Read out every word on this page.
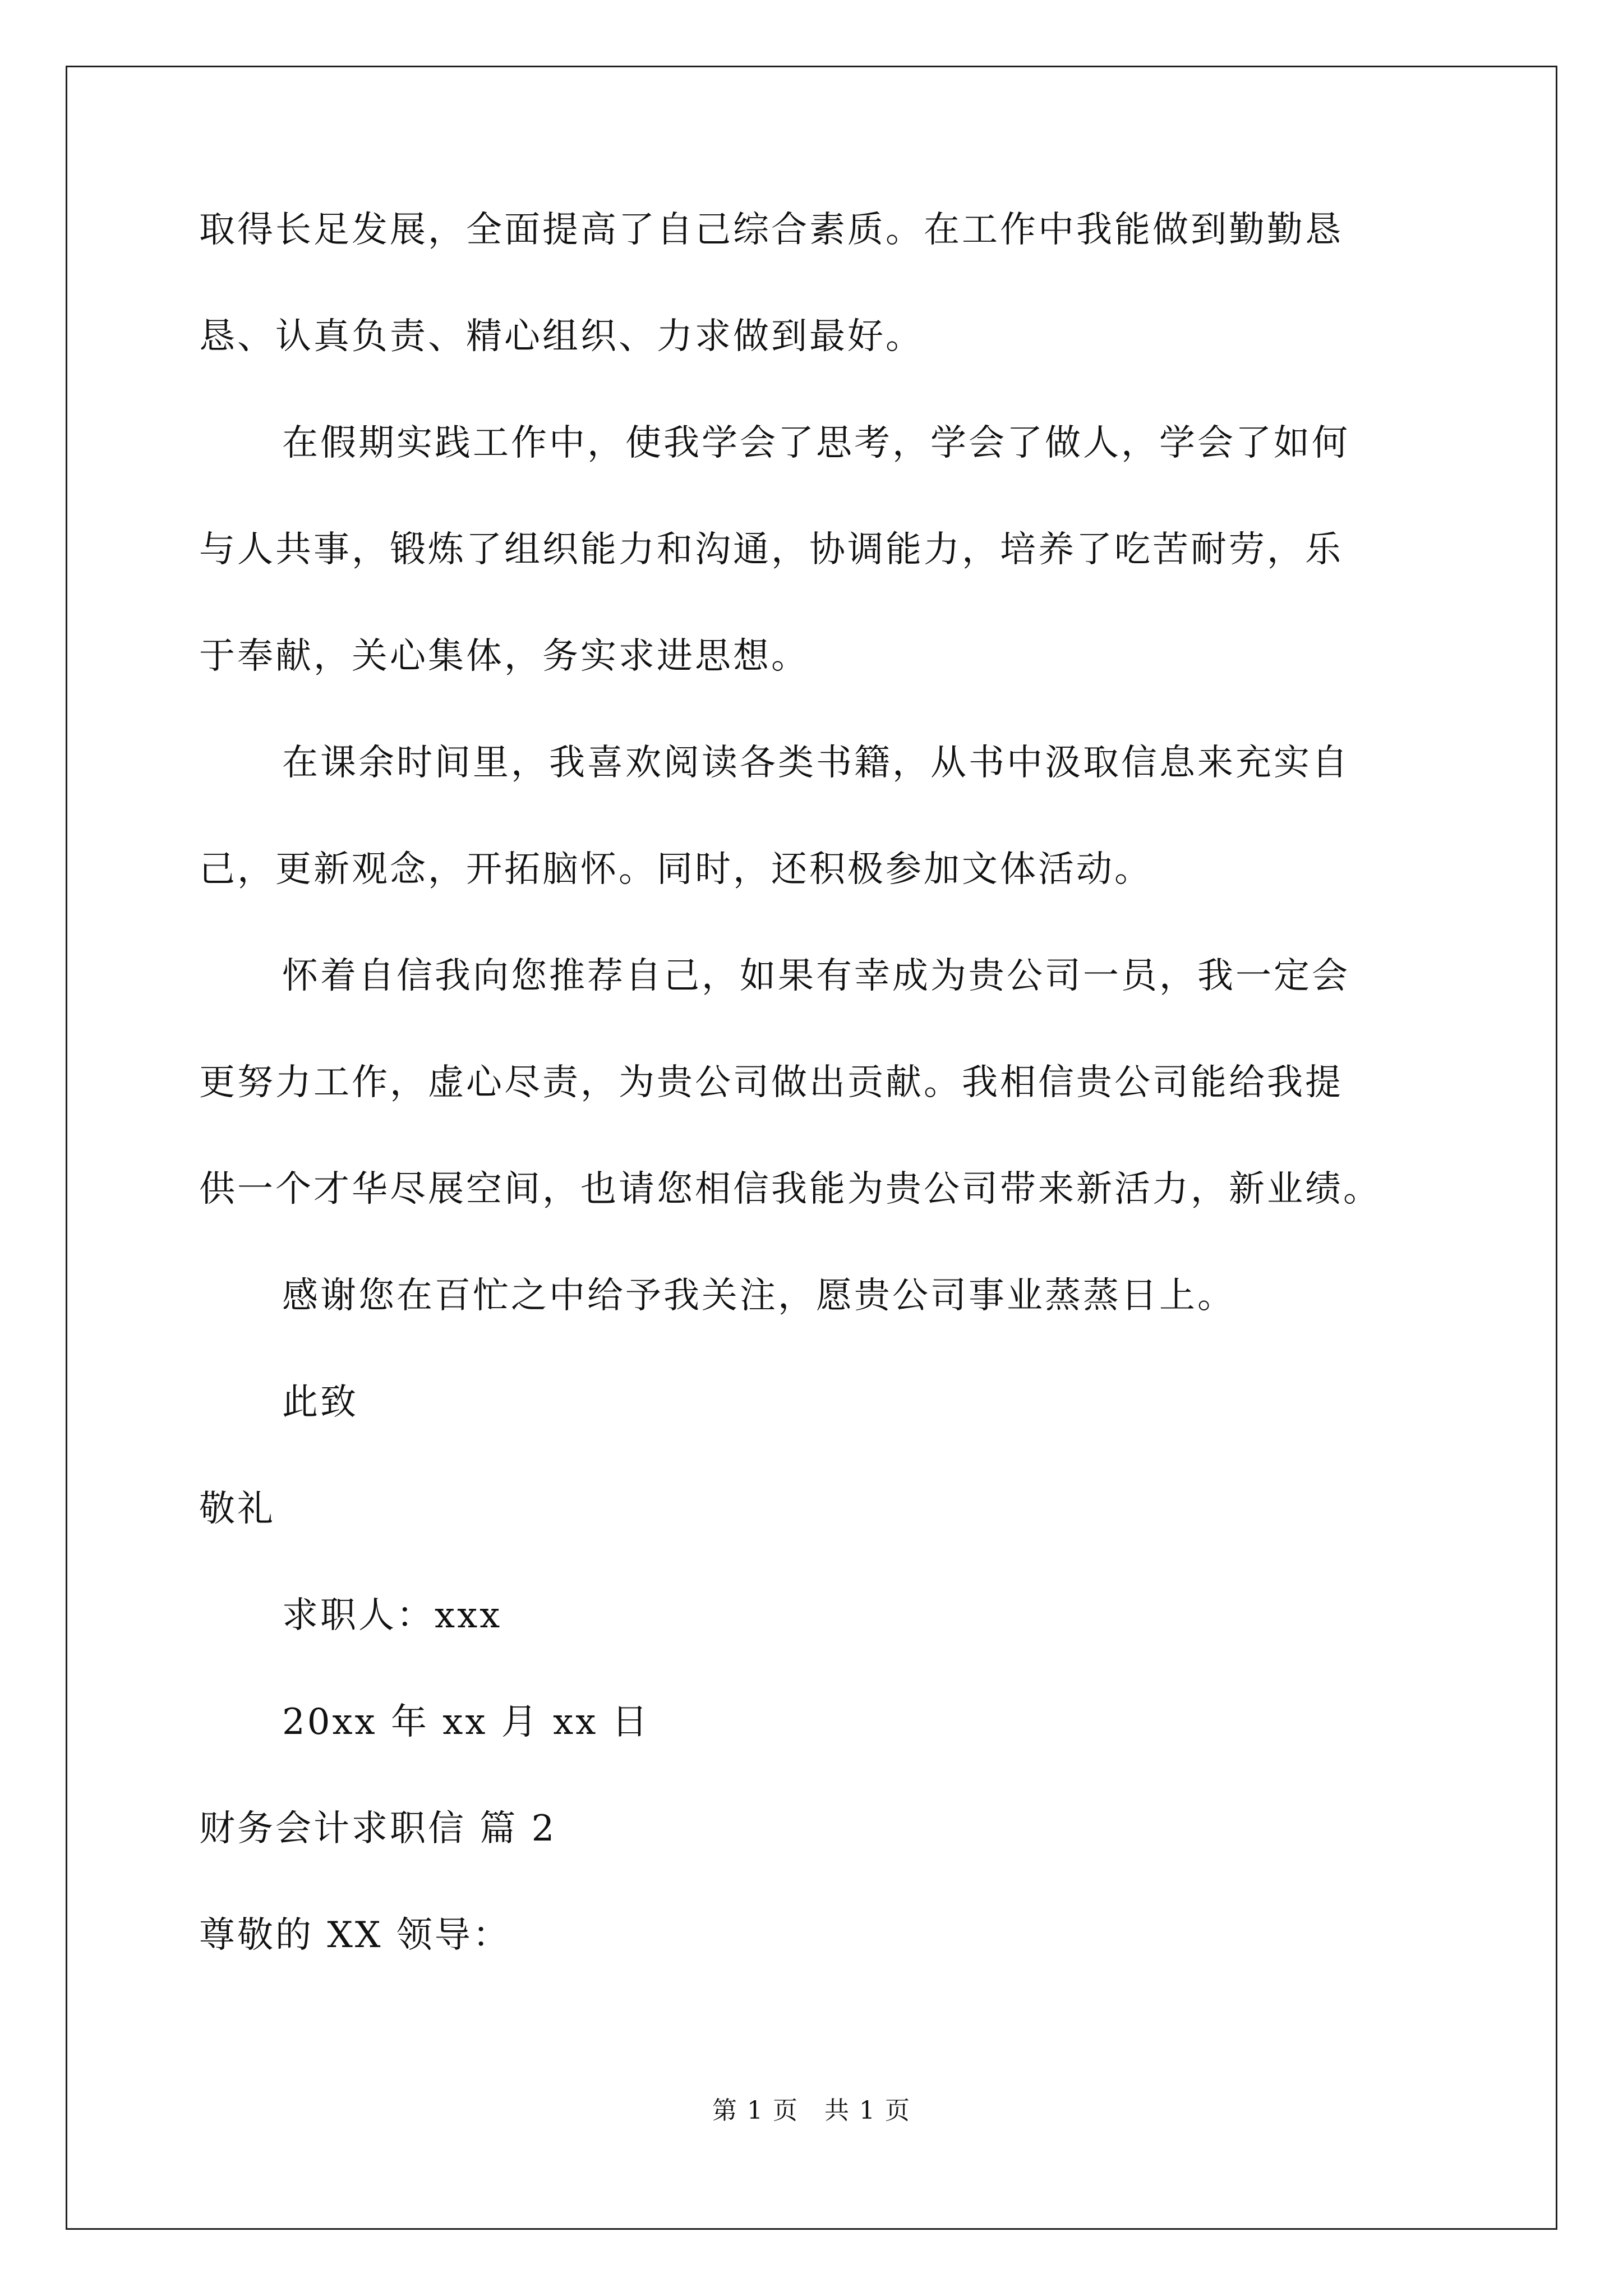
取得长足发展，全面提高了自己综合素质。在工作中我能做到勤勤恳
恳、认真负责、精心组织、力求做到最好。
在假期实践工作中，使我学会了思考，学会了做人，学会了如何
与人共事，锻炼了组织能力和沟通，协调能力，培养了吃苦耐劳，乐
于奉献，关心集体，务实求进思想。
在课余时间里，我喜欢阅读各类书籍，从书中汲取信息来充实自
己，更新观念，开拓脑怀。同时，还积极参加文体活动。
怀着自信我向您推荐自己，如果有幸成为贵公司一员，我一定会
更努力工作，虚心尽责，为贵公司做出贡献。我相信贵公司能给我提
供一个才华尽展空间，也请您相信我能为贵公司带来新活力，新业绩。
感谢您在百忙之中给予我关注，愿贵公司事业蒸蒸日上。
此致
敬礼
求职人：xxx
20xx 年 xx 月 xx 日
财务会计求职信 篇 2
尊敬的 XX 领导：
第 1 页　共 1 页
